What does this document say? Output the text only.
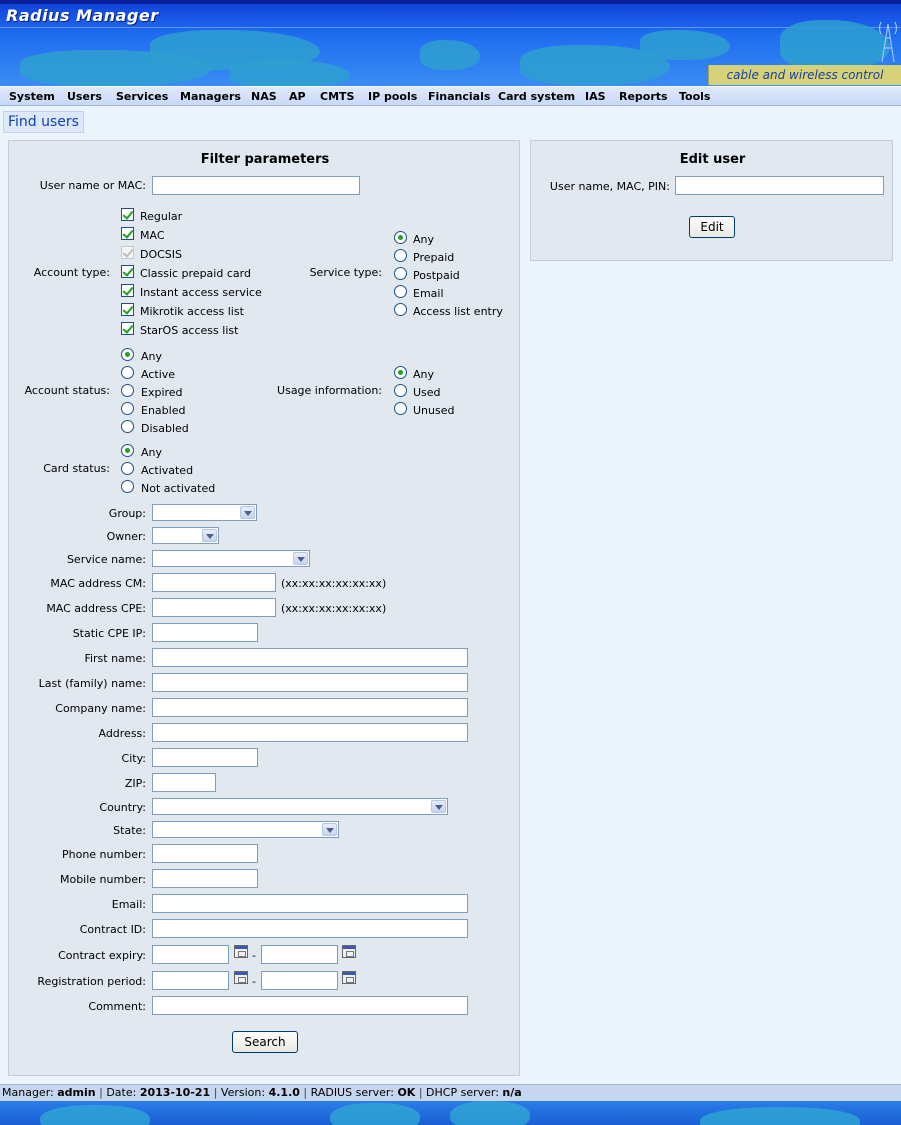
Radius Manager
cable and wireless control
System Users Services Managers NAS AP CMTS IP pools Financials Card system IAS Reports Tools
Find users
Filter parameters
User name or MAC:
Account type:
Regular
MAC
DOCSIS
Classic prepaid card
Instant access service
Mikrotik access list
StarOS access list
Service type:
Any
Prepaid
Postpaid
Email
Access list entry
Account status:
Any
Active
Expired
Enabled
Disabled
Usage information:
Any
Used
Unused
Card status:
Any
Activated
Not activated
Group:
Owner:
Service name:
MAC address CM:	(xx:xx:xx:xx:xx:xx)
MAC address CPE:	(xx:xx:xx:xx:xx:xx)
Static CPE IP:
First name:
Last (family) name:
Company name:
Address:
City:
ZIP:
Country:
State:
Phone number:
Mobile number:
Email:
Contract ID:
Contract expiry:	-
Registration period:	-
Comment:
Search
Edit user
User name, MAC, PIN:
Edit
Manager: admin | Date: 2013-10-21 | Version: 4.1.0 | RADIUS server: OK | DHCP server: n/a
